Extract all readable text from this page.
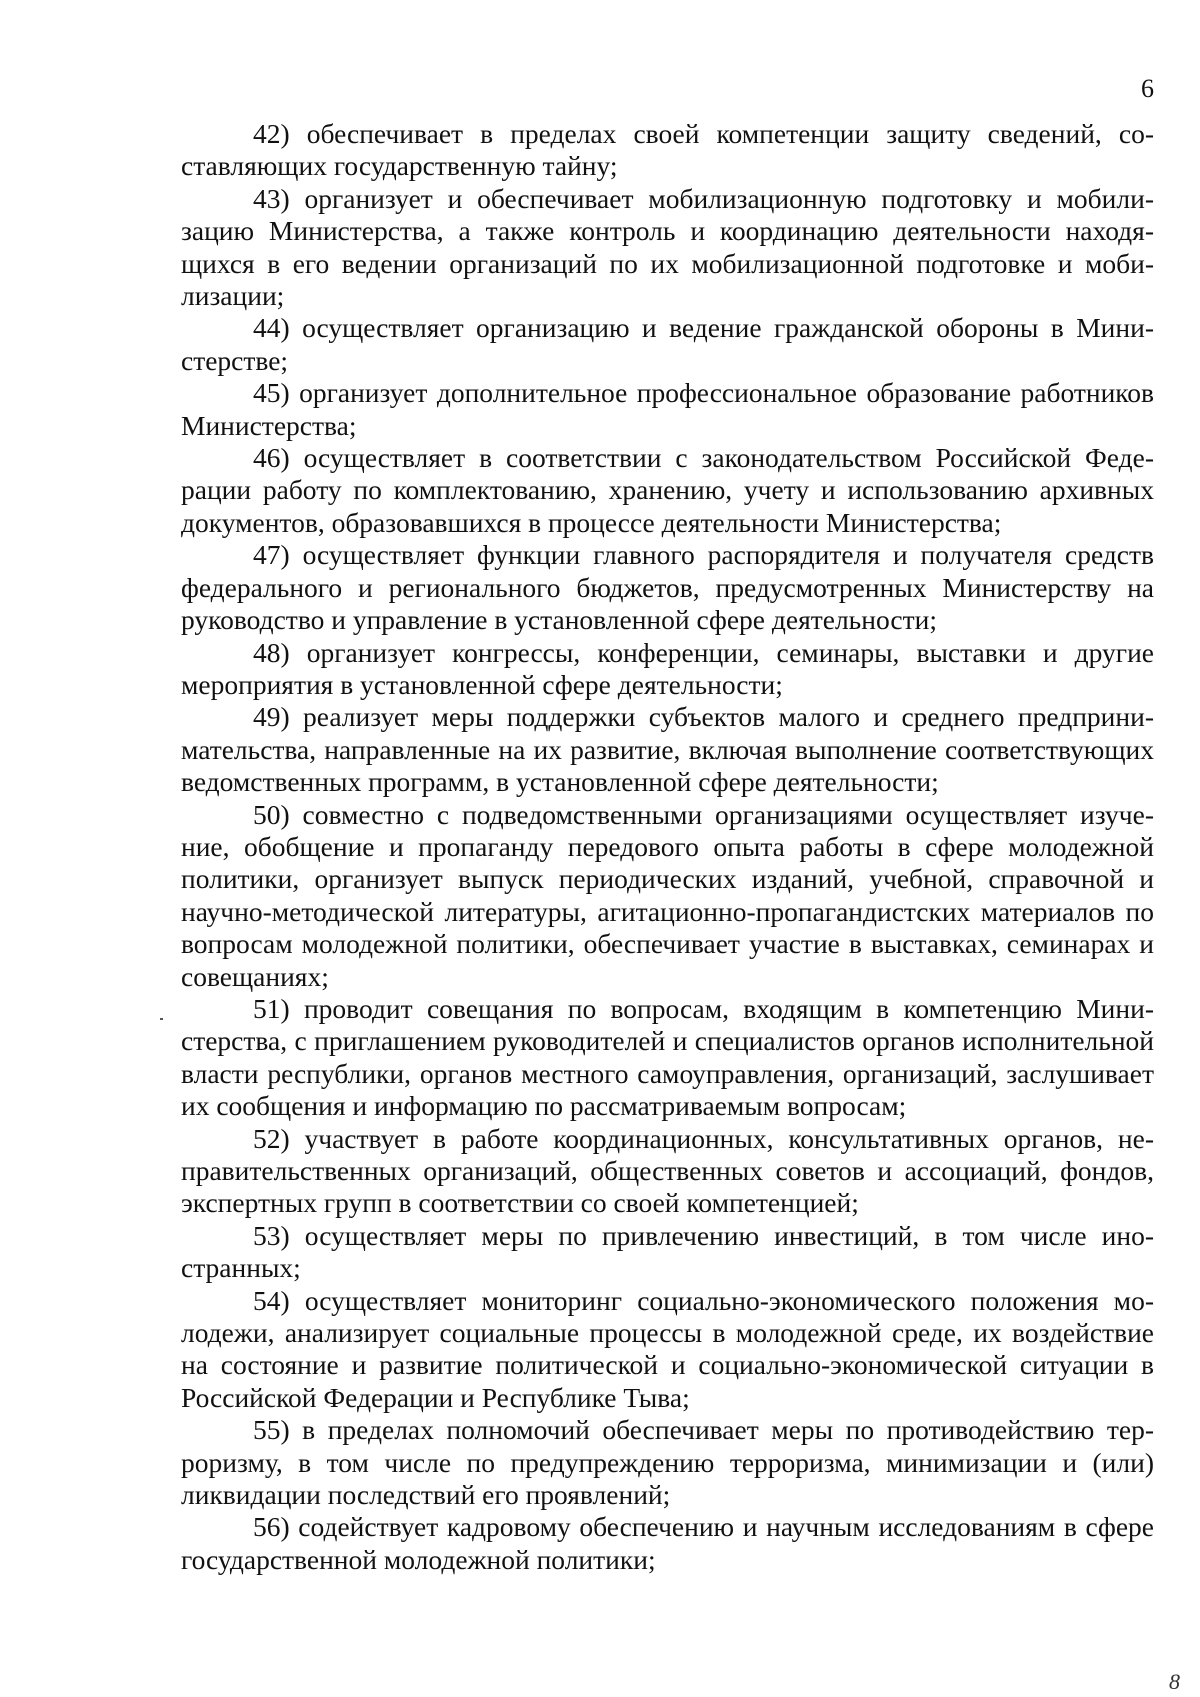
6

42) обеспечивает в пределах своей компетенции защиту сведений, составляющих государственную тайну;

43) организует и обеспечивает мобилизационную подготовку и мобилизацию Министерства, а также контроль и координацию деятельности находящихся в его ведении организаций по их мобилизационной подготовке и мобилизации;

44) осуществляет организацию и ведение гражданской обороны в Министерстве;

45) организует дополнительное профессиональное образование работников Министерства;

46) осуществляет в соответствии с законодательством Российской Федерации работу по комплектованию, хранению, учету и использованию архивных документов, образовавшихся в процессе деятельности Министерства;

47) осуществляет функции главного распорядителя и получателя средств федерального и регионального бюджетов, предусмотренных Министерству на руководство и управление в установленной сфере деятельности;

48) организует конгрессы, конференции, семинары, выставки и другие мероприятия в установленной сфере деятельности;

49) реализует меры поддержки субъектов малого и среднего предпринимательства, направленные на их развитие, включая выполнение соответствующих ведомственных программ, в установленной сфере деятельности;

50) совместно с подведомственными организациями осуществляет изучение, обобщение и пропаганду передового опыта работы в сфере молодежной политики, организует выпуск периодических изданий, учебной, справочной и научно-методической литературы, агитационно-пропагандистских материалов по вопросам молодежной политики, обеспечивает участие в выставках, семинарах и совещаниях;

51) проводит совещания по вопросам, входящим в компетенцию Министерства, с приглашением руководителей и специалистов органов исполнительной власти республики, органов местного самоуправления, организаций, заслушивает их сообщения и информацию по рассматриваемым вопросам;

52) участвует в работе координационных, консультативных органов, неправительственных организаций, общественных советов и ассоциаций, фондов, экспертных групп в соответствии со своей компетенцией;

53) осуществляет меры по привлечению инвестиций, в том числе иностранных;

54) осуществляет мониторинг социально-экономического положения молодежи, анализирует социальные процессы в молодежной среде, их воздействие на состояние и развитие политической и социально-экономической ситуации в Российской Федерации и Республике Тыва;

55) в пределах полномочий обеспечивает меры по противодействию терроризму, в том числе по предупреждению терроризма, минимизации и (или) ликвидации последствий его проявлений;

56) содействует кадровому обеспечению и научным исследованиям в сфере государственной молодежной политики;

8
